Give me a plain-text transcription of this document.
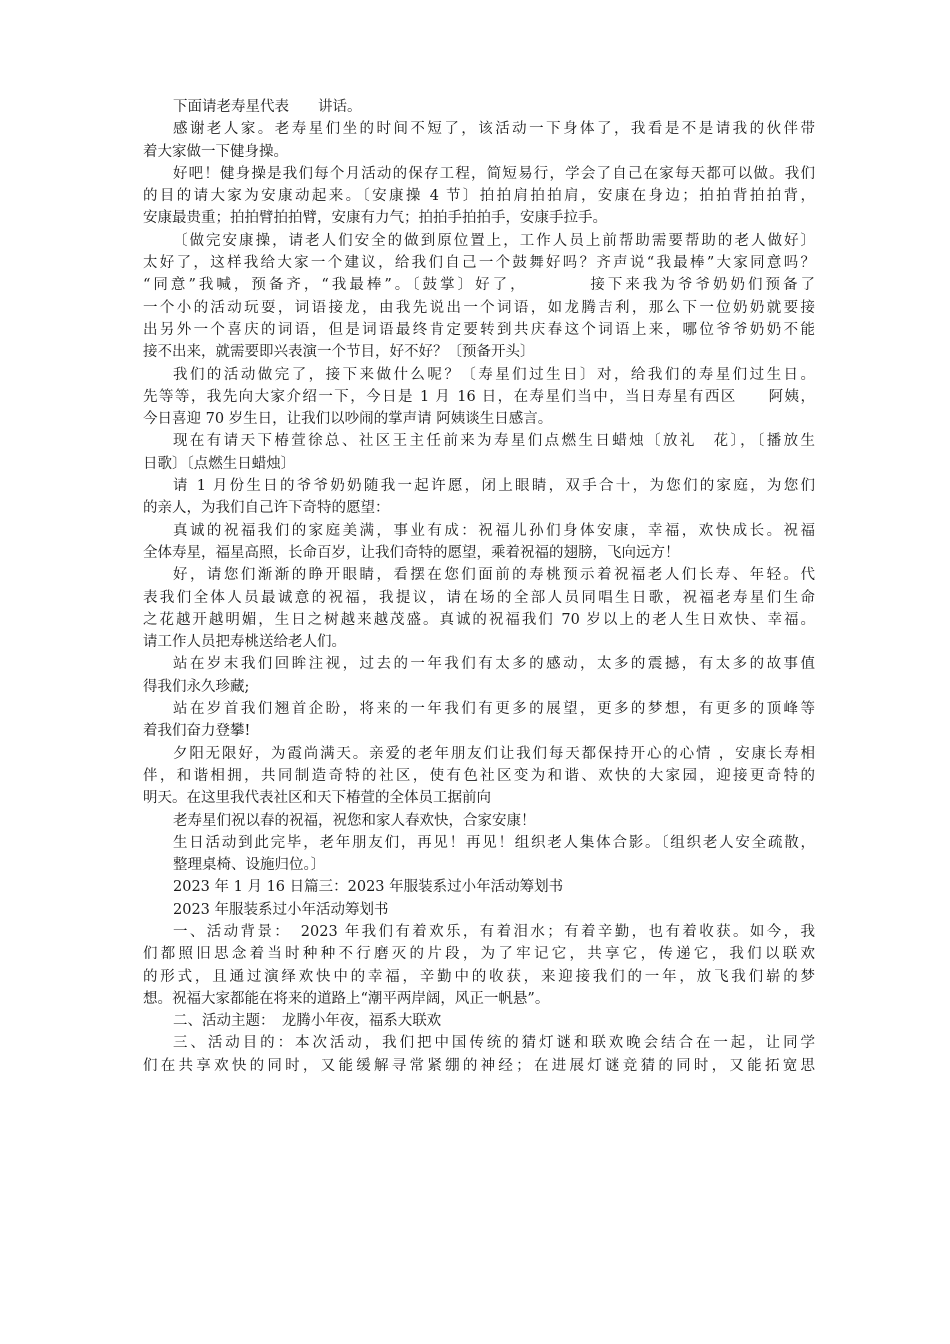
下面请老寿星代表　　讲话。
感谢老人家。老寿星们坐的时间不短了，该活动一下身体了，我看是不是请我的伙伴带
着大家做一下健身操。
好吧！健身操是我们每个月活动的保存工程，简短易行，学会了自己在家每天都可以做。我们
的目的请大家为安康动起来。〔安康操 4 节〕拍拍肩拍拍肩，安康在身边；拍拍背拍拍背，
安康最贵重；拍拍臂拍拍臂，安康有力气；拍拍手拍拍手，安康手拉手。
〔做完安康操，请老人们安全的做到原位置上，工作人员上前帮助需要帮助的老人做好〕
太好了，这样我给大家一个建议，给我们自己一个鼓舞好吗？齐声说“我最棒”大家同意吗？
“同意”我喊，预备齐，“我最棒”。〔鼓掌〕好了，　　　　接下来我为爷爷奶奶们预备了
一个小的活动玩耍，词语接龙，由我先说出一个词语，如龙腾吉利，那么下一位奶奶就要接
出另外一个喜庆的词语，但是词语最终肯定要转到共庆春这个词语上来，哪位爷爷奶奶不能
接不出来，就需要即兴表演一个节目，好不好？〔预备开头〕
我们的活动做完了，接下来做什么呢？〔寿星们过生日〕对，给我们的寿星们过生日。
先等等，我先向大家介绍一下，今日是 1 月 16 日，在寿星们当中，当日寿星有西区　　阿姨，
今日喜迎 70 岁生日，让我们以吵闹的掌声请 阿姨谈生日感言。
现在有请天下椿萱徐总、社区王主任前来为寿星们点燃生日蜡烛〔放礼　花〕，〔播放生
日歌〕〔点燃生日蜡烛〕
请 1 月份生日的爷爷奶奶随我一起许愿，闭上眼睛，双手合十，为您们的家庭，为您们
的亲人，为我们自己许下奇特的愿望：
真诚的祝福我们的家庭美满，事业有成：祝福儿孙们身体安康，幸福，欢快成长。祝福
全体寿星，福星高照，长命百岁，让我们奇特的愿望，乘着祝福的翅膀，飞向远方！
好，请您们渐渐的睁开眼睛，看摆在您们面前的寿桃预示着祝福老人们长寿、年轻。代
表我们全体人员最诚意的祝福，我提议，请在场的全部人员同唱生日歌，祝福老寿星们生命
之花越开越明媚，生日之树越来越茂盛。真诚的祝福我们 70 岁以上的老人生日欢快、幸福。
请工作人员把寿桃送给老人们。
站在岁末我们回眸注视，过去的一年我们有太多的感动，太多的震撼，有太多的故事值
得我们永久珍藏;
站在岁首我们翘首企盼，将来的一年我们有更多的展望，更多的梦想，有更多的顶峰等
着我们奋力登攀!
夕阳无限好，为霞尚满天。亲爱的老年朋友们让我们每天都保持开心的心情 ，安康长寿相
伴，和谐相拥，共同制造奇特的社区，使有色社区变为和谐、欢快的大家园，迎接更奇特的
明天。在这里我代表社区和天下椿萱的全体员工据前向
老寿星们祝以春的祝福，祝您和家人春欢快，合家安康！
生日活动到此完毕，老年朋友们，再见！再见！组织老人集体合影。〔组织老人安全疏散，
整理桌椅、设施归位。〕
2023 年 1 月 16 日篇三：2023 年服装系过小年活动筹划书
2023 年服装系过小年活动筹划书
一、活动背景：　2023 年我们有着欢乐，有着泪水；有着辛勤，也有着收获。如今，我
们都照旧思念着当时种种不行磨灭的片段，为了牢记它，共享它，传递它，我们以联欢
的形式，且通过演绎欢快中的幸福，辛勤中的收获，来迎接我们的一年，放飞我们崭的梦
想。祝福大家都能在将来的道路上“潮平两岸阔，风正一帆悬”。
二、活动主题：　龙腾小年夜，福系大联欢
三、活动目的：本次活动，我们把中国传统的猜灯谜和联欢晚会结合在一起，让同学
们在共享欢快的同时，又能缓解寻常紧绷的神经；在进展灯谜竞猜的同时，又能拓宽思
